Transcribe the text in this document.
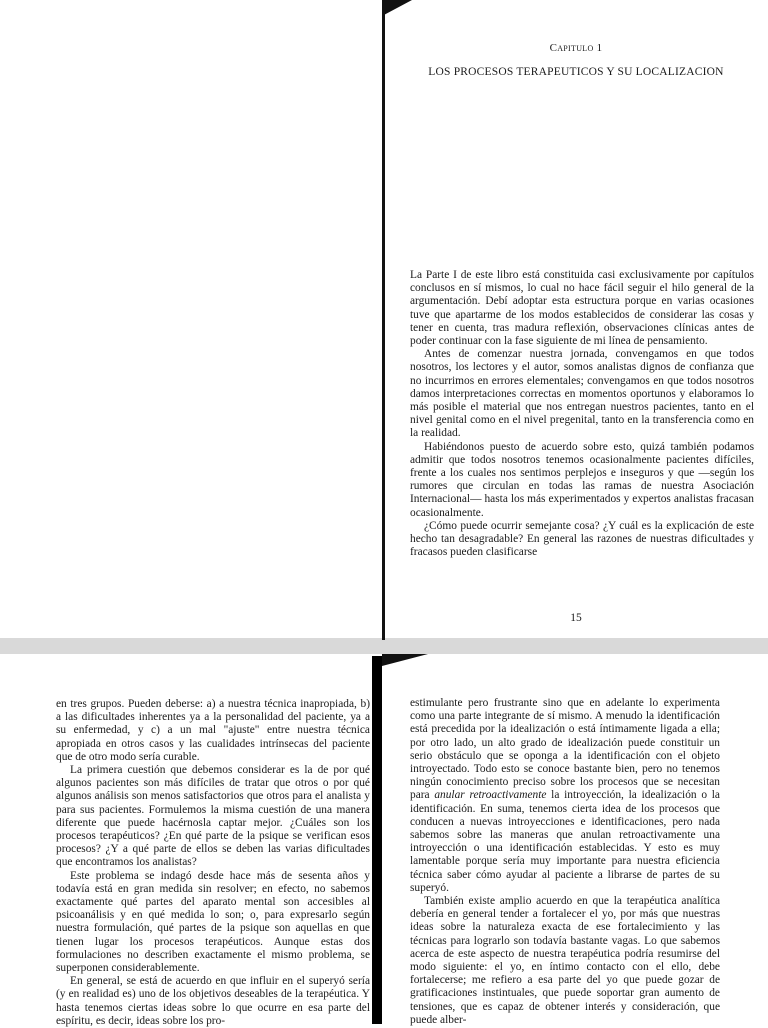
Capitulo 1
LOS PROCESOS TERAPEUTICOS Y SU LOCALIZACION

La Parte I de este libro está constituida casi exclusivamente por capítulos conclusos en sí mismos, lo cual no hace fácil seguir el hilo general de la argumentación. Debí adoptar esta estructura porque en varias ocasiones tuve que apartarme de los modos establecidos de considerar las cosas y tener en cuenta, tras madura reflexión, observaciones clínicas antes de poder continuar con la fase siguiente de mi línea de pensamiento.

Antes de comenzar nuestra jornada, convengamos en que todos nosotros, los lectores y el autor, somos analistas dignos de confianza que no incurrimos en errores elementales; convengamos en que todos nosotros damos interpretaciones correctas en momentos oportunos y elaboramos lo más posible el material que nos entregan nuestros pacientes, tanto en el nivel genital como en el nivel pregenital, tanto en la transferencia como en la realidad.

Habiéndonos puesto de acuerdo sobre esto, quizá también podamos admitir que todos nosotros tenemos ocasionalmente pacientes difíciles, frente a los cuales nos sentimos perplejos e inseguros y que —según los rumores que circulan en todas las ramas de nuestra Asociación Internacional— hasta los más experimentados y expertos analistas fracasan ocasionalmente.

¿Cómo puede ocurrir semejante cosa? ¿Y cuál es la explicación de este hecho tan desagradable? En general las razones de nuestras dificultades y fracasos pueden clasificarse

15

en tres grupos. Pueden deberse: a) a nuestra técnica inapropiada, b) a las dificultades inherentes ya a la personalidad del paciente, ya a su enfermedad, y c) a un mal "ajuste" entre nuestra técnica apropiada en otros casos y las cualidades intrínsecas del paciente que de otro modo sería curable.

La primera cuestión que debemos considerar es la de por qué algunos pacientes son más difíciles de tratar que otros o por qué algunos análisis son menos satisfactorios que otros para el analista y para sus pacientes. Formulemos la misma cuestión de una manera diferente que puede hacérnosla captar mejor. ¿Cuáles son los procesos terapéuticos? ¿En qué parte de la psique se verifican esos procesos? ¿Y a qué parte de ellos se deben las varias dificultades que encontramos los analistas?

Este problema se indagó desde hace más de sesenta años y todavía está en gran medida sin resolver; en efecto, no sabemos exactamente qué partes del aparato mental son accesibles al psicoanálisis y en qué medida lo son; o, para expresarlo según nuestra formulación, qué partes de la psique son aquellas en que tienen lugar los procesos terapéuticos. Aunque estas dos formulaciones no describen exactamente el mismo problema, se superponen considerablemente.

En general, se está de acuerdo en que influir en el superyó sería (y en realidad es) uno de los objetivos deseables de la terapéutica. Y hasta tenemos ciertas ideas sobre lo que ocurre en esa parte del espíritu, es decir, ideas sobre los pro-

estimulante pero frustrante sino que en adelante lo experimenta como una parte integrante de sí mismo. A menudo la identificación está precedida por la idealización o está íntimamente ligada a ella; por otro lado, un alto grado de idealización puede constituir un serio obstáculo que se oponga a la identificación con el objeto introyectado. Todo esto se conoce bastante bien, pero no tenemos ningún conocimiento preciso sobre los procesos que se necesitan para anular retroactivamente la introyección, la idealización o la identificación. En suma, tenemos cierta idea de los procesos que conducen a nuevas introyecciones e identificaciones, pero nada sabemos sobre las maneras que anulan retroactivamente una introyección o una identificación establecidas. Y esto es muy lamentable porque sería muy importante para nuestra eficiencia técnica saber cómo ayudar al paciente a librarse de partes de su superyó.

También existe amplio acuerdo en que la terapéutica analítica debería en general tender a fortalecer el yo, por más que nuestras ideas sobre la naturaleza exacta de ese fortalecimiento y las técnicas para lograrlo son todavía bastante vagas. Lo que sabemos acerca de este aspecto de nuestra terapéutica podría resumirse del modo siguiente: el yo, en íntimo contacto con el ello, debe fortalecerse; me refiero a esa parte del yo que puede gozar de gratificaciones instintuales, que puede soportar gran aumento de tensiones, que es capaz de obtener interés y consideración, que puede alber-
